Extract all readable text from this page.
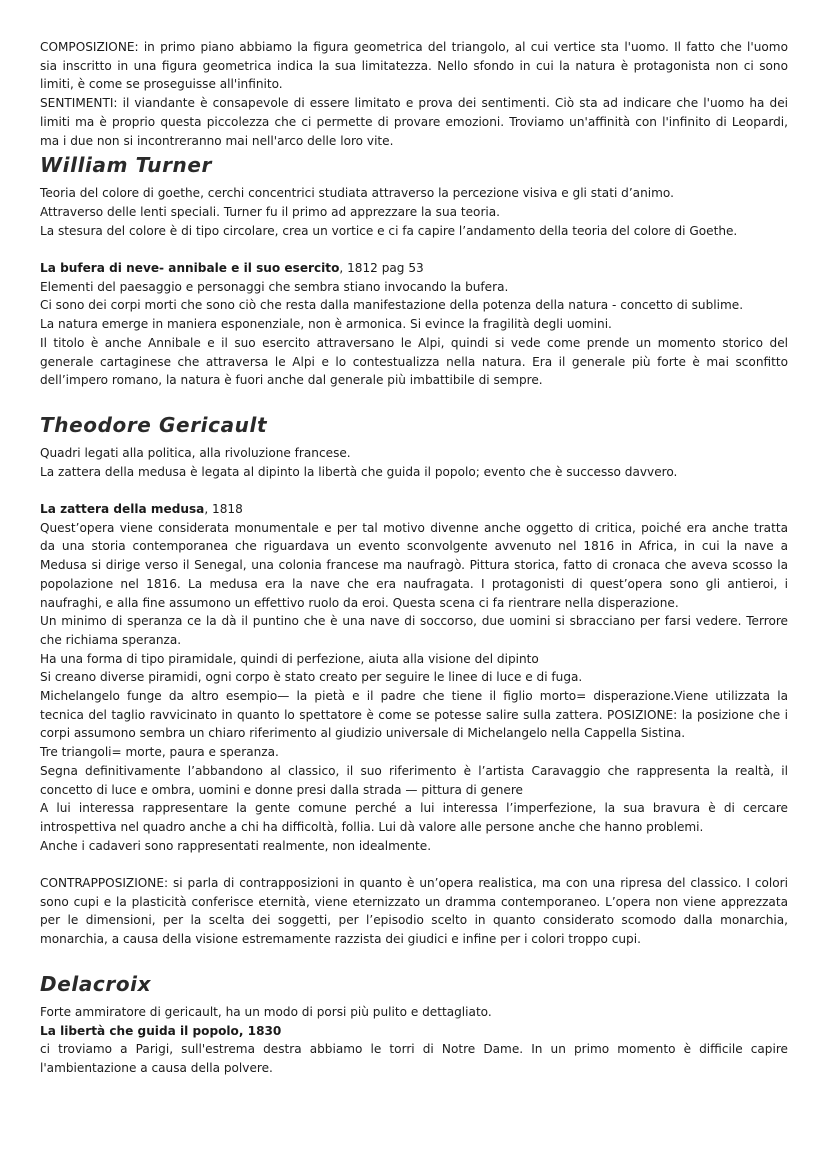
COMPOSIZIONE: in primo piano abbiamo la figura geometrica del triangolo, al cui vertice sta l'uomo. Il fatto che l'uomo

sia inscritto in una figura geometrica indica la sua limitatezza. Nello sfondo in cui la natura è protagonista non ci sono

limiti, è come se proseguisse all'infinito.

SENTIMENTI: il viandante è consapevole di essere limitato e prova dei sentimenti. Ciò sta ad indicare che l'uomo ha dei

limiti ma è proprio questa piccolezza che ci permette di provare emozioni. Troviamo un'affinità con l'infinito di Leopardi,

ma i due non si incontreranno mai nell'arco delle loro vite.

William Turner

Teoria del colore di goethe, cerchi concentrici studiata attraverso la percezione visiva e gli stati d’animo.

Attraverso delle lenti speciali. Turner fu il primo ad apprezzare la sua teoria.

La stesura del colore è di tipo circolare, crea un vortice e ci fa capire l’andamento della teoria del colore di Goethe.

La bufera di neve- annibale e il suo esercito, 1812 pag 53

Elementi del paesaggio e personaggi che sembra stiano invocando la bufera.

Ci sono dei corpi morti che sono ciò che resta dalla manifestazione della potenza della natura - concetto di sublime.

La natura emerge in maniera esponenziale, non è armonica. Si evince la fragilità degli uomini.

Il titolo è anche Annibale e il suo esercito attraversano le Alpi, quindi si vede come prende un momento storico del

generale cartaginese che attraversa le Alpi e lo contestualizza nella natura. Era il generale più forte è mai sconfitto

dell’impero romano, la natura è fuori anche dal generale più imbattibile di sempre.

Theodore Gericault

Quadri legati alla politica, alla rivoluzione francese.

La zattera della medusa è legata al dipinto la libertà che guida il popolo; evento che è successo davvero.

La zattera della medusa, 1818

Quest’opera viene considerata monumentale e per tal motivo divenne anche oggetto di critica, poiché era anche tratta

da una storia contemporanea che riguardava un evento sconvolgente avvenuto nel 1816 in Africa, in cui la nave a

Medusa si dirige verso il Senegal, una colonia francese ma naufragò. Pittura storica, fatto di cronaca che aveva scosso la

popolazione nel 1816. La medusa era la nave che era naufragata. I protagonisti di quest’opera sono gli antieroi, i

naufraghi, e alla fine assumono un effettivo ruolo da eroi. Questa scena ci fa rientrare nella disperazione.

Un minimo di speranza ce la dà il puntino che è una nave di soccorso, due uomini si sbracciano per farsi vedere. Terrore

che richiama speranza.

Ha una forma di tipo piramidale, quindi di perfezione, aiuta alla visione del dipinto

Si creano diverse piramidi, ogni corpo è stato creato per seguire le linee di luce e di fuga.

Michelangelo funge da altro esempio— la pietà e il padre che tiene il figlio morto= disperazione.Viene utilizzata la

tecnica del taglio ravvicinato in quanto lo spettatore è come se potesse salire sulla zattera. POSIZIONE: la posizione che i

corpi assumono sembra un chiaro riferimento al giudizio universale di Michelangelo nella Cappella Sistina.

Tre triangoli= morte, paura e speranza.

Segna definitivamente l’abbandono al classico, il suo riferimento è l’artista Caravaggio che rappresenta la realtà, il

concetto di luce e ombra, uomini e donne presi dalla strada — pittura di genere

A lui interessa rappresentare la gente comune perché a lui interessa l’imperfezione, la sua bravura è di cercare

introspettiva nel quadro anche a chi ha difficoltà, follia. Lui dà valore alle persone anche che hanno problemi.

Anche i cadaveri sono rappresentati realmente, non idealmente.

CONTRAPPOSIZIONE: si parla di contrapposizioni in quanto è un’opera realistica, ma con una ripresa del classico. I colori

sono cupi e la plasticità conferisce eternità, viene eternizzato un dramma contemporaneo. L’opera non viene apprezzata

per le dimensioni, per la scelta dei soggetti, per l’episodio scelto in quanto considerato scomodo dalla monarchia,

monarchia, a causa della visione estremamente razzista dei giudici e infine per i colori troppo cupi.

Delacroix

Forte ammiratore di gericault, ha un modo di porsi più pulito e dettagliato.

La libertà che guida il popolo, 1830

ci troviamo a Parigi, sull'estrema destra abbiamo le torri di Notre Dame. In un primo momento è difficile capire

l'ambientazione a causa della polvere.
